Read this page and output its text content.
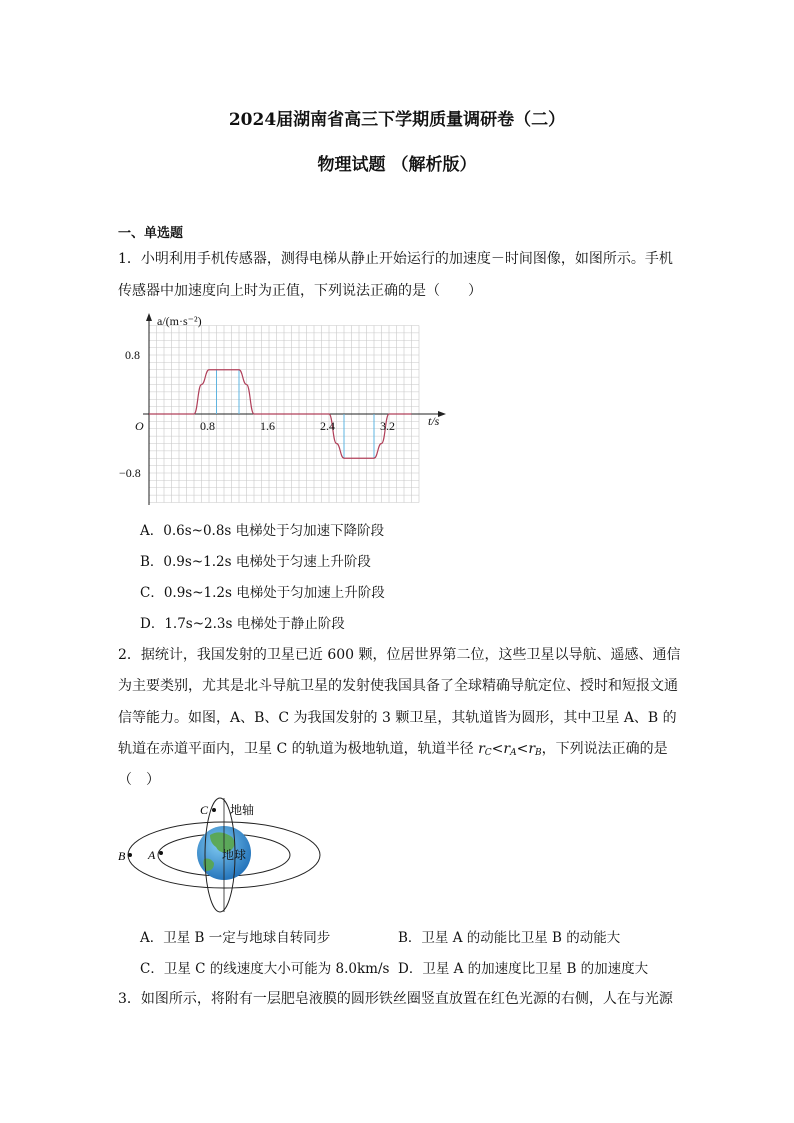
2024届湖南省高三下学期质量调研卷（二）
物理试题 （解析版）
一、单选题
1．小明利用手机传感器，测得电梯从静止开始运行的加速度－时间图像，如图所示。手机
传感器中加速度向上时为正值，下列说法正确的是（　　）
0.8	1.6	2.4	3.2
0.8
−0.8
O
a/(m·s⁻²)
t/s
A．0.6s~0.8s 电梯处于匀加速下降阶段
B．0.9s~1.2s 电梯处于匀速上升阶段
C．0.9s~1.2s 电梯处于匀加速上升阶段
D．1.7s~2.3s 电梯处于静止阶段
2．据统计，我国发射的卫星已近 600 颗，位居世界第二位，这些卫星以导航、遥感、通信
为主要类别，尤其是北斗导航卫星的发射使我国具备了全球精确导航定位、授时和短报文通
信等能力。如图，A、B、C 为我国发射的 3 颗卫星，其轨道皆为圆形，其中卫星 A、B 的
轨道在赤道平面内，卫星 C 的轨道为极地轨道，轨道半径 $r_C<r_A<r_B$，下列说法正确的是
（　）
C
A
B
地轴
地球
A．卫星 B 一定与地球自转同步	B．卫星 A 的动能比卫星 B 的动能大
C．卫星 C 的线速度大小可能为 8.0km/s D．卫星 A 的加速度比卫星 B 的加速度大
3．如图所示，将附有一层肥皂液膜的圆形铁丝圈竖直放置在红色光源的右侧，人在与光源
